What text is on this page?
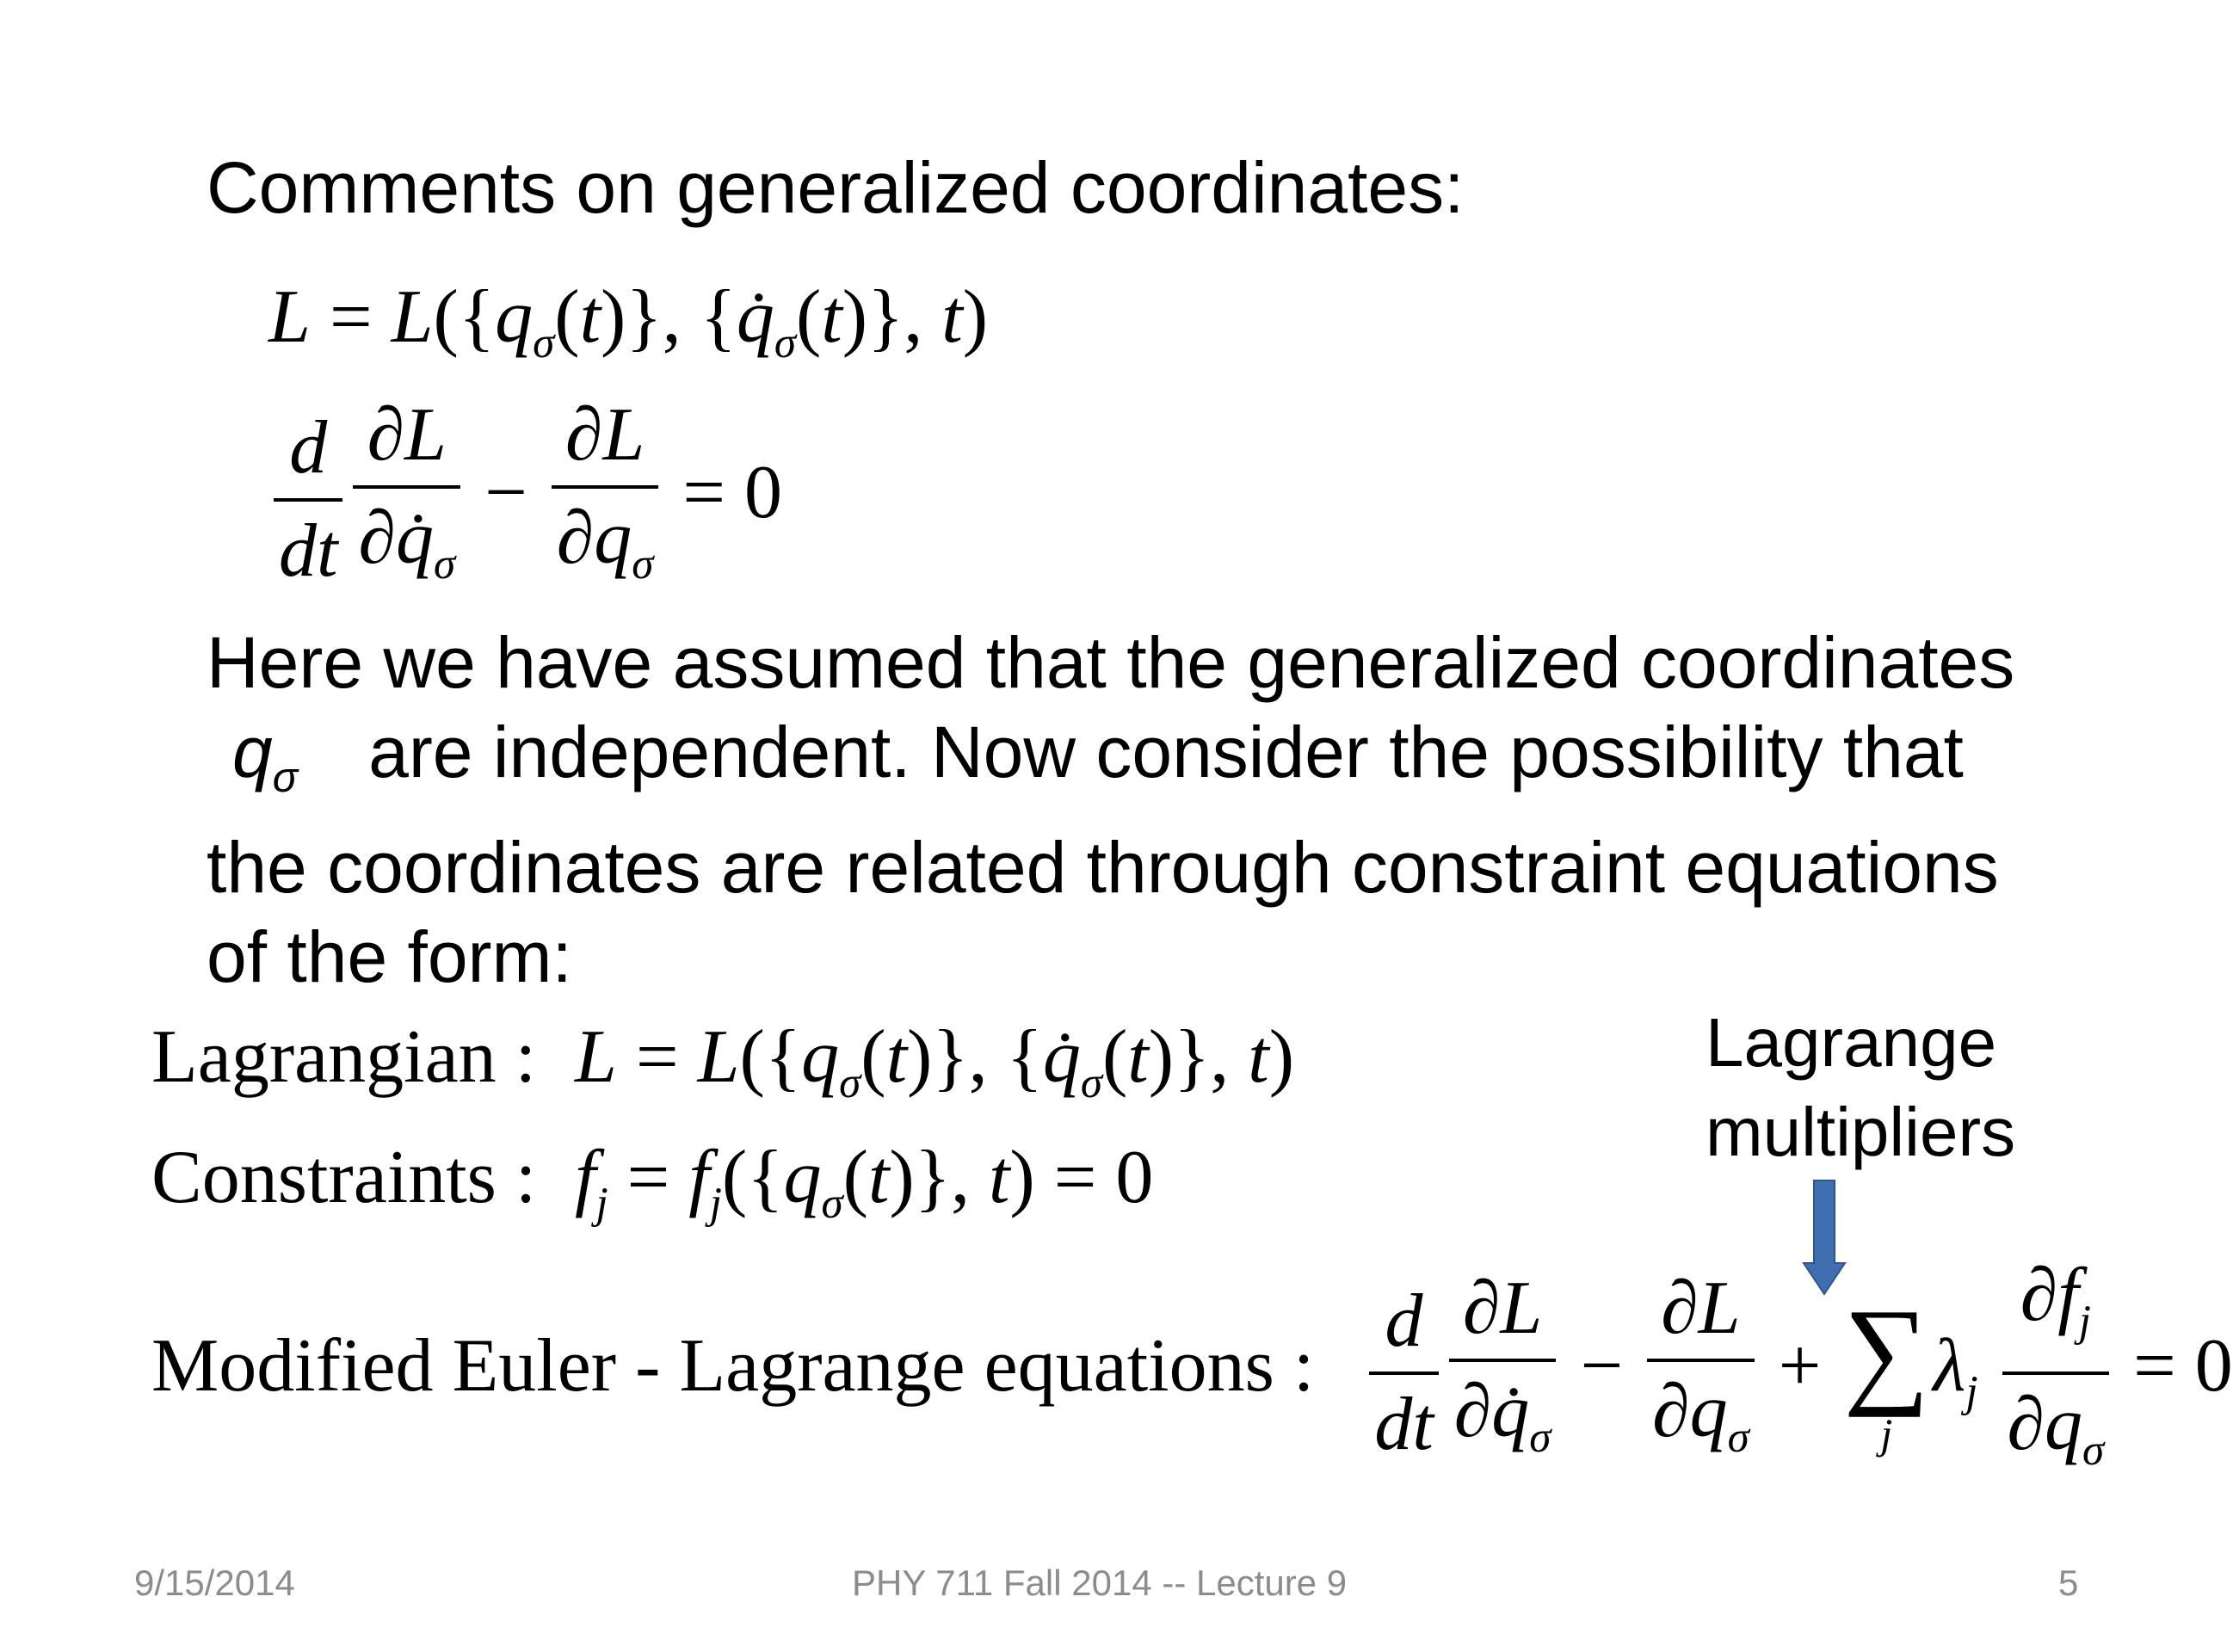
Comments on generalized coordinates:
$L = L(\{q_\sigma(t)\}$, $\{q̇_\sigma(t)\}$, t)
$\frac{d}{dt} \frac{\partial L}{\partial q̇_\sigma} - \frac{\partial L}{\partial q_\sigma} = 0$
Here we have assumed that the generalized coordinates
$q_\sigma$ are independent. Now consider the possibility that
the coordinates are related through constraint equations
of the form:
Lagrangian : $L = L(\{q_\sigma(t)\}$, $\{q̇_\sigma(t)\}$, t)
Constraints : $f_j = f_j(\{q_\sigma(t)\}$, t) = 0
Modified Euler - Lagrange equations : $\frac{d}{dt} \frac{\partial L}{\partial q̇_\sigma} - \frac{\partial L}{\partial q_\sigma}$ + ∑
j
$\lambda_j \frac{\partial f_j}{\partial q_\sigma} = 0$
Lagrange
multipliers
9/15/2014	PHY 711 Fall 2014 -- Lecture 9	5
